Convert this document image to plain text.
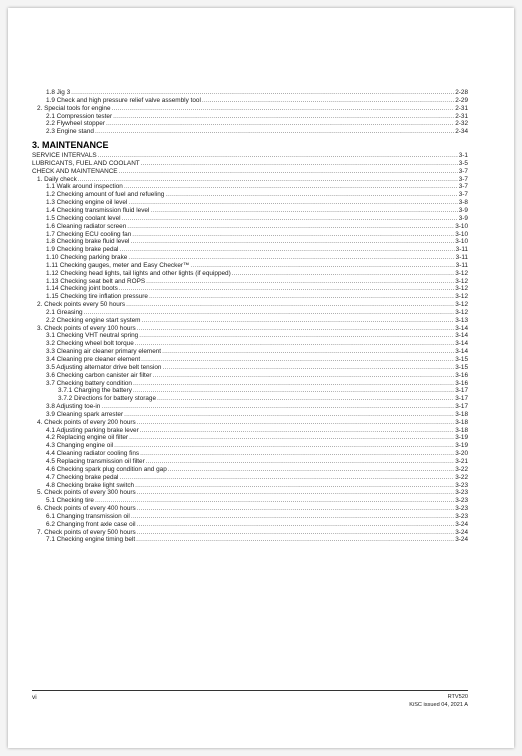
1.8 Jig 3 .....	2-28
1.9 Check and high pressure relief valve assembly tool .....	2-29
2. Special tools for engine .....	2-31
2.1 Compression tester .....	2-31
2.2 Flywheel stopper .....	2-32
2.3 Engine stand .....	2-34
3. MAINTENANCE
SERVICE INTERVALS .....	3-1
LUBRICANTS, FUEL AND COOLANT .....	3-5
CHECK AND MAINTENANCE .....	3-7
1. Daily check .....	3-7
1.1 Walk around inspection .....	3-7
1.2 Checking amount of fuel and refueling .....	3-7
1.3 Checking engine oil level .....	3-8
1.4 Checking transmission fluid level .....	3-9
1.5 Checking coolant level .....	3-9
1.6 Cleaning radiator screen .....	3-10
1.7 Checking ECU cooling fan .....	3-10
1.8 Checking brake fluid level .....	3-10
1.9 Checking brake pedal .....	3-11
1.10 Checking parking brake .....	3-11
1.11 Checking gauges, meter and Easy Checker™ .....	3-11
1.12 Checking head lights, tail lights and other lights (if equipped) .....	3-12
1.13 Checking seat belt and ROPS .....	3-12
1.14 Checking joint boots .....	3-12
1.15 Checking tire inflation pressure .....	3-12
2. Check points every 50 hours .....	3-12
2.1 Greasing .....	3-12
2.2 Checking engine start system .....	3-13
3. Check points of every 100 hours .....	3-14
3.1 Checking VHT neutral spring .....	3-14
3.2 Checking wheel bolt torque .....	3-14
3.3 Cleaning air cleaner primary element .....	3-14
3.4 Cleaning pre cleaner element .....	3-15
3.5 Adjusting alternator drive belt tension .....	3-15
3.6 Checking carbon canister air filter .....	3-16
3.7 Checking battery condition .....	3-16
3.7.1 Charging the battery .....	3-17
3.7.2 Directions for battery storage .....	3-17
3.8 Adjusting toe-in .....	3-17
3.9 Cleaning spark arrester .....	3-18
4. Check points of every 200 hours .....	3-18
4.1 Adjusting parking brake lever .....	3-18
4.2 Replacing engine oil filter .....	3-19
4.3 Changing engine oil .....	3-19
4.4 Cleaning radiator cooling fins .....	3-20
4.5 Replacing transmission oil filter .....	3-21
4.6 Checking spark plug condition and gap .....	3-22
4.7 Checking brake pedal .....	3-22
4.8 Checking brake light switch .....	3-23
5. Check points of every 300 hours .....	3-23
5.1 Checking tire .....	3-23
6. Check points of every 400 hours .....	3-23
6.1 Changing transmission oil .....	3-23
6.2 Changing front axle case oil .....	3-24
7. Check points of every 500 hours .....	3-24
7.1 Checking engine timing belt .....	3-24
vi	RTV520
KiSC issued 04, 2021 A
